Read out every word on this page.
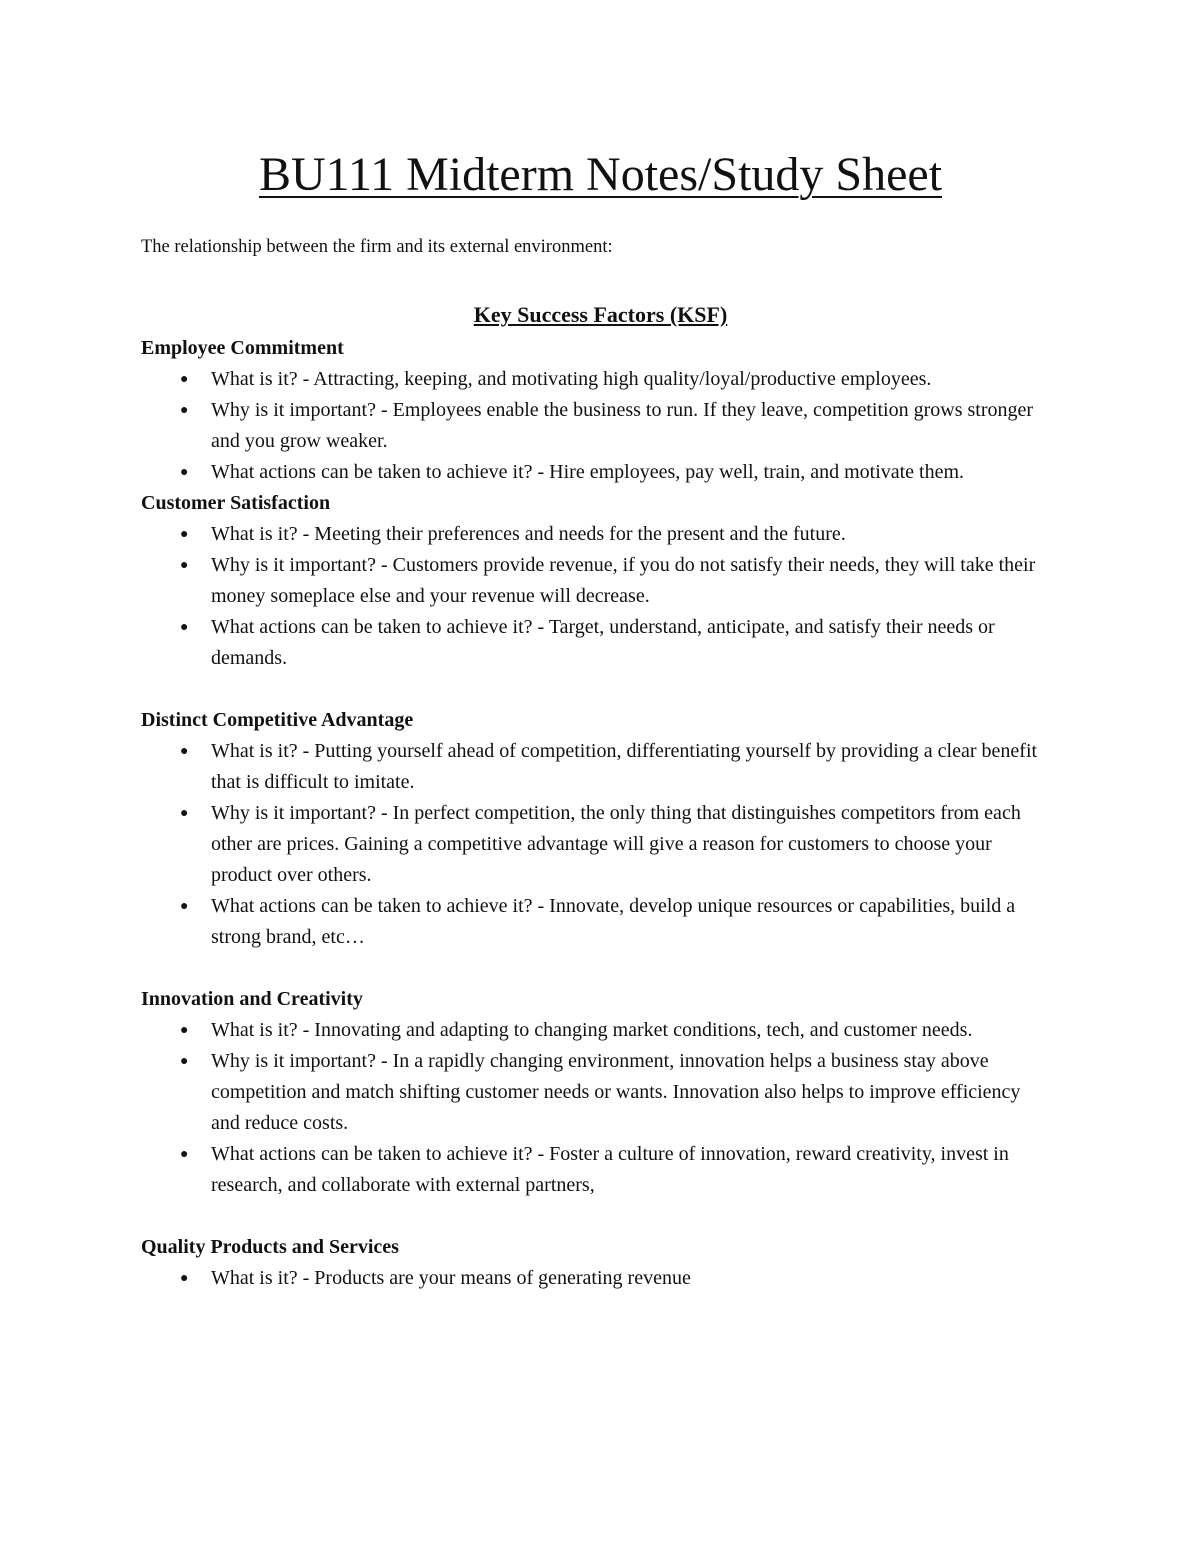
BU111 Midterm Notes/Study Sheet

The relationship between the firm and its external environment:

Key Success Factors (KSF)
Employee Commitment
● What is it? - Attracting, keeping, and motivating high quality/loyal/productive employees.
● Why is it important? - Employees enable the business to run. If they leave, competition grows stronger and you grow weaker.
● What actions can be taken to achieve it? - Hire employees, pay well, train, and motivate them.
Customer Satisfaction
● What is it? - Meeting their preferences and needs for the present and the future.
● Why is it important? - Customers provide revenue, if you do not satisfy their needs, they will take their money someplace else and your revenue will decrease.
● What actions can be taken to achieve it? - Target, understand, anticipate, and satisfy their needs or demands.
Distinct Competitive Advantage
● What is it? - Putting yourself ahead of competition, differentiating yourself by providing a clear benefit that is difficult to imitate.
● Why is it important? - In perfect competition, the only thing that distinguishes competitors from each other are prices. Gaining a competitive advantage will give a reason for customers to choose your product over others.
● What actions can be taken to achieve it? - Innovate, develop unique resources or capabilities, build a strong brand, etc…
Innovation and Creativity
● What is it? - Innovating and adapting to changing market conditions, tech, and customer needs.
● Why is it important? - In a rapidly changing environment, innovation helps a business stay above competition and match shifting customer needs or wants. Innovation also helps to improve efficiency and reduce costs.
● What actions can be taken to achieve it? - Foster a culture of innovation, reward creativity, invest in research, and collaborate with external partners,
Quality Products and Services
● What is it? - Products are your means of generating revenue
